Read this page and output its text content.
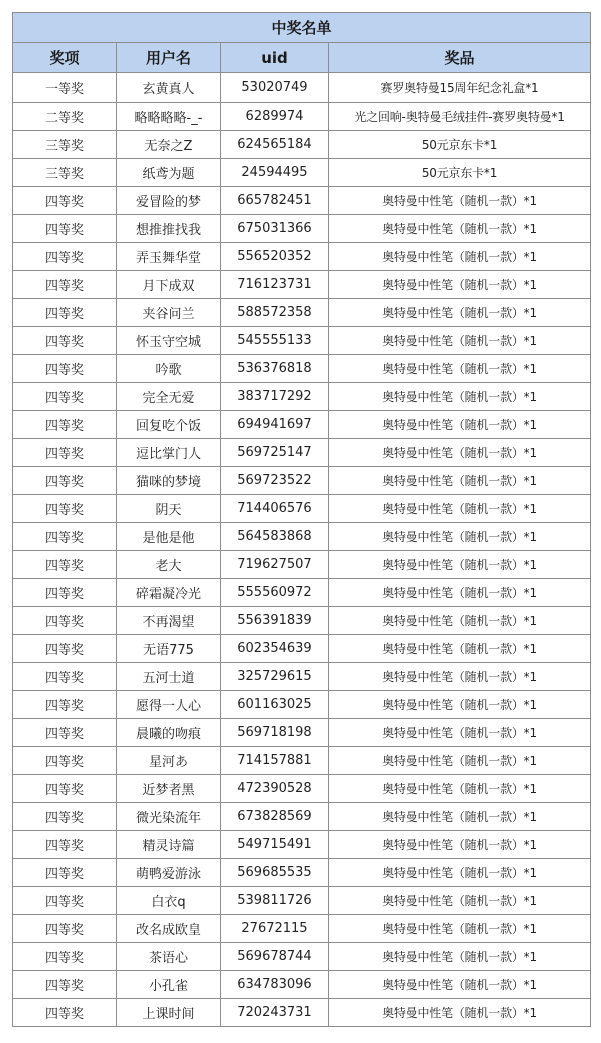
中奖名单			
奖项	用户名	uid	奖品
一等奖	玄黄真人	53020749	赛罗奥特曼15周年纪念礼盒*1
二等奖	略略略略-_-	6289974	光之回响-奥特曼毛绒挂件-赛罗奥特曼*1
三等奖	无奈之Z	624565184	50元京东卡*1
三等奖	纸鸢为题	24594495	50元京东卡*1
四等奖	爱冒险的梦	665782451	奥特曼中性笔（随机一款）*1
四等奖	想推推找我	675031366	奥特曼中性笔（随机一款）*1
四等奖	弄玉舞华堂	556520352	奥特曼中性笔（随机一款）*1
四等奖	月下成双	716123731	奥特曼中性笔（随机一款）*1
四等奖	夹谷问兰	588572358	奥特曼中性笔（随机一款）*1
四等奖	怀玉守空城	545555133	奥特曼中性笔（随机一款）*1
四等奖	吟歌	536376818	奥特曼中性笔（随机一款）*1
四等奖	完全无爱	383717292	奥特曼中性笔（随机一款）*1
四等奖	回复吃个饭	694941697	奥特曼中性笔（随机一款）*1
四等奖	逗比掌门人	569725147	奥特曼中性笔（随机一款）*1
四等奖	猫咪的梦境	569723522	奥特曼中性笔（随机一款）*1
四等奖	阴天	714406576	奥特曼中性笔（随机一款）*1
四等奖	是他是他	564583868	奥特曼中性笔（随机一款）*1
四等奖	老大	719627507	奥特曼中性笔（随机一款）*1
四等奖	碎霜凝冷光	555560972	奥特曼中性笔（随机一款）*1
四等奖	不再渴望	556391839	奥特曼中性笔（随机一款）*1
四等奖	无语775	602354639	奥特曼中性笔（随机一款）*1
四等奖	五河士道	325729615	奥特曼中性笔（随机一款）*1
四等奖	愿得一人心	601163025	奥特曼中性笔（随机一款）*1
四等奖	晨曦的吻痕	569718198	奥特曼中性笔（随机一款）*1
四等奖	星河あ	714157881	奥特曼中性笔（随机一款）*1
四等奖	近梦者黑	472390528	奥特曼中性笔（随机一款）*1
四等奖	微光染流年	673828569	奥特曼中性笔（随机一款）*1
四等奖	精灵诗篇	549715491	奥特曼中性笔（随机一款）*1
四等奖	萌鸭爱游泳	569685535	奥特曼中性笔（随机一款）*1
四等奖	白衣q	539811726	奥特曼中性笔（随机一款）*1
四等奖	改名成欧皇	27672115	奥特曼中性笔（随机一款）*1
四等奖	茶语心	569678744	奥特曼中性笔（随机一款）*1
四等奖	小孔雀	634783096	奥特曼中性笔（随机一款）*1
四等奖	上课时间	720243731	奥特曼中性笔（随机一款）*1
